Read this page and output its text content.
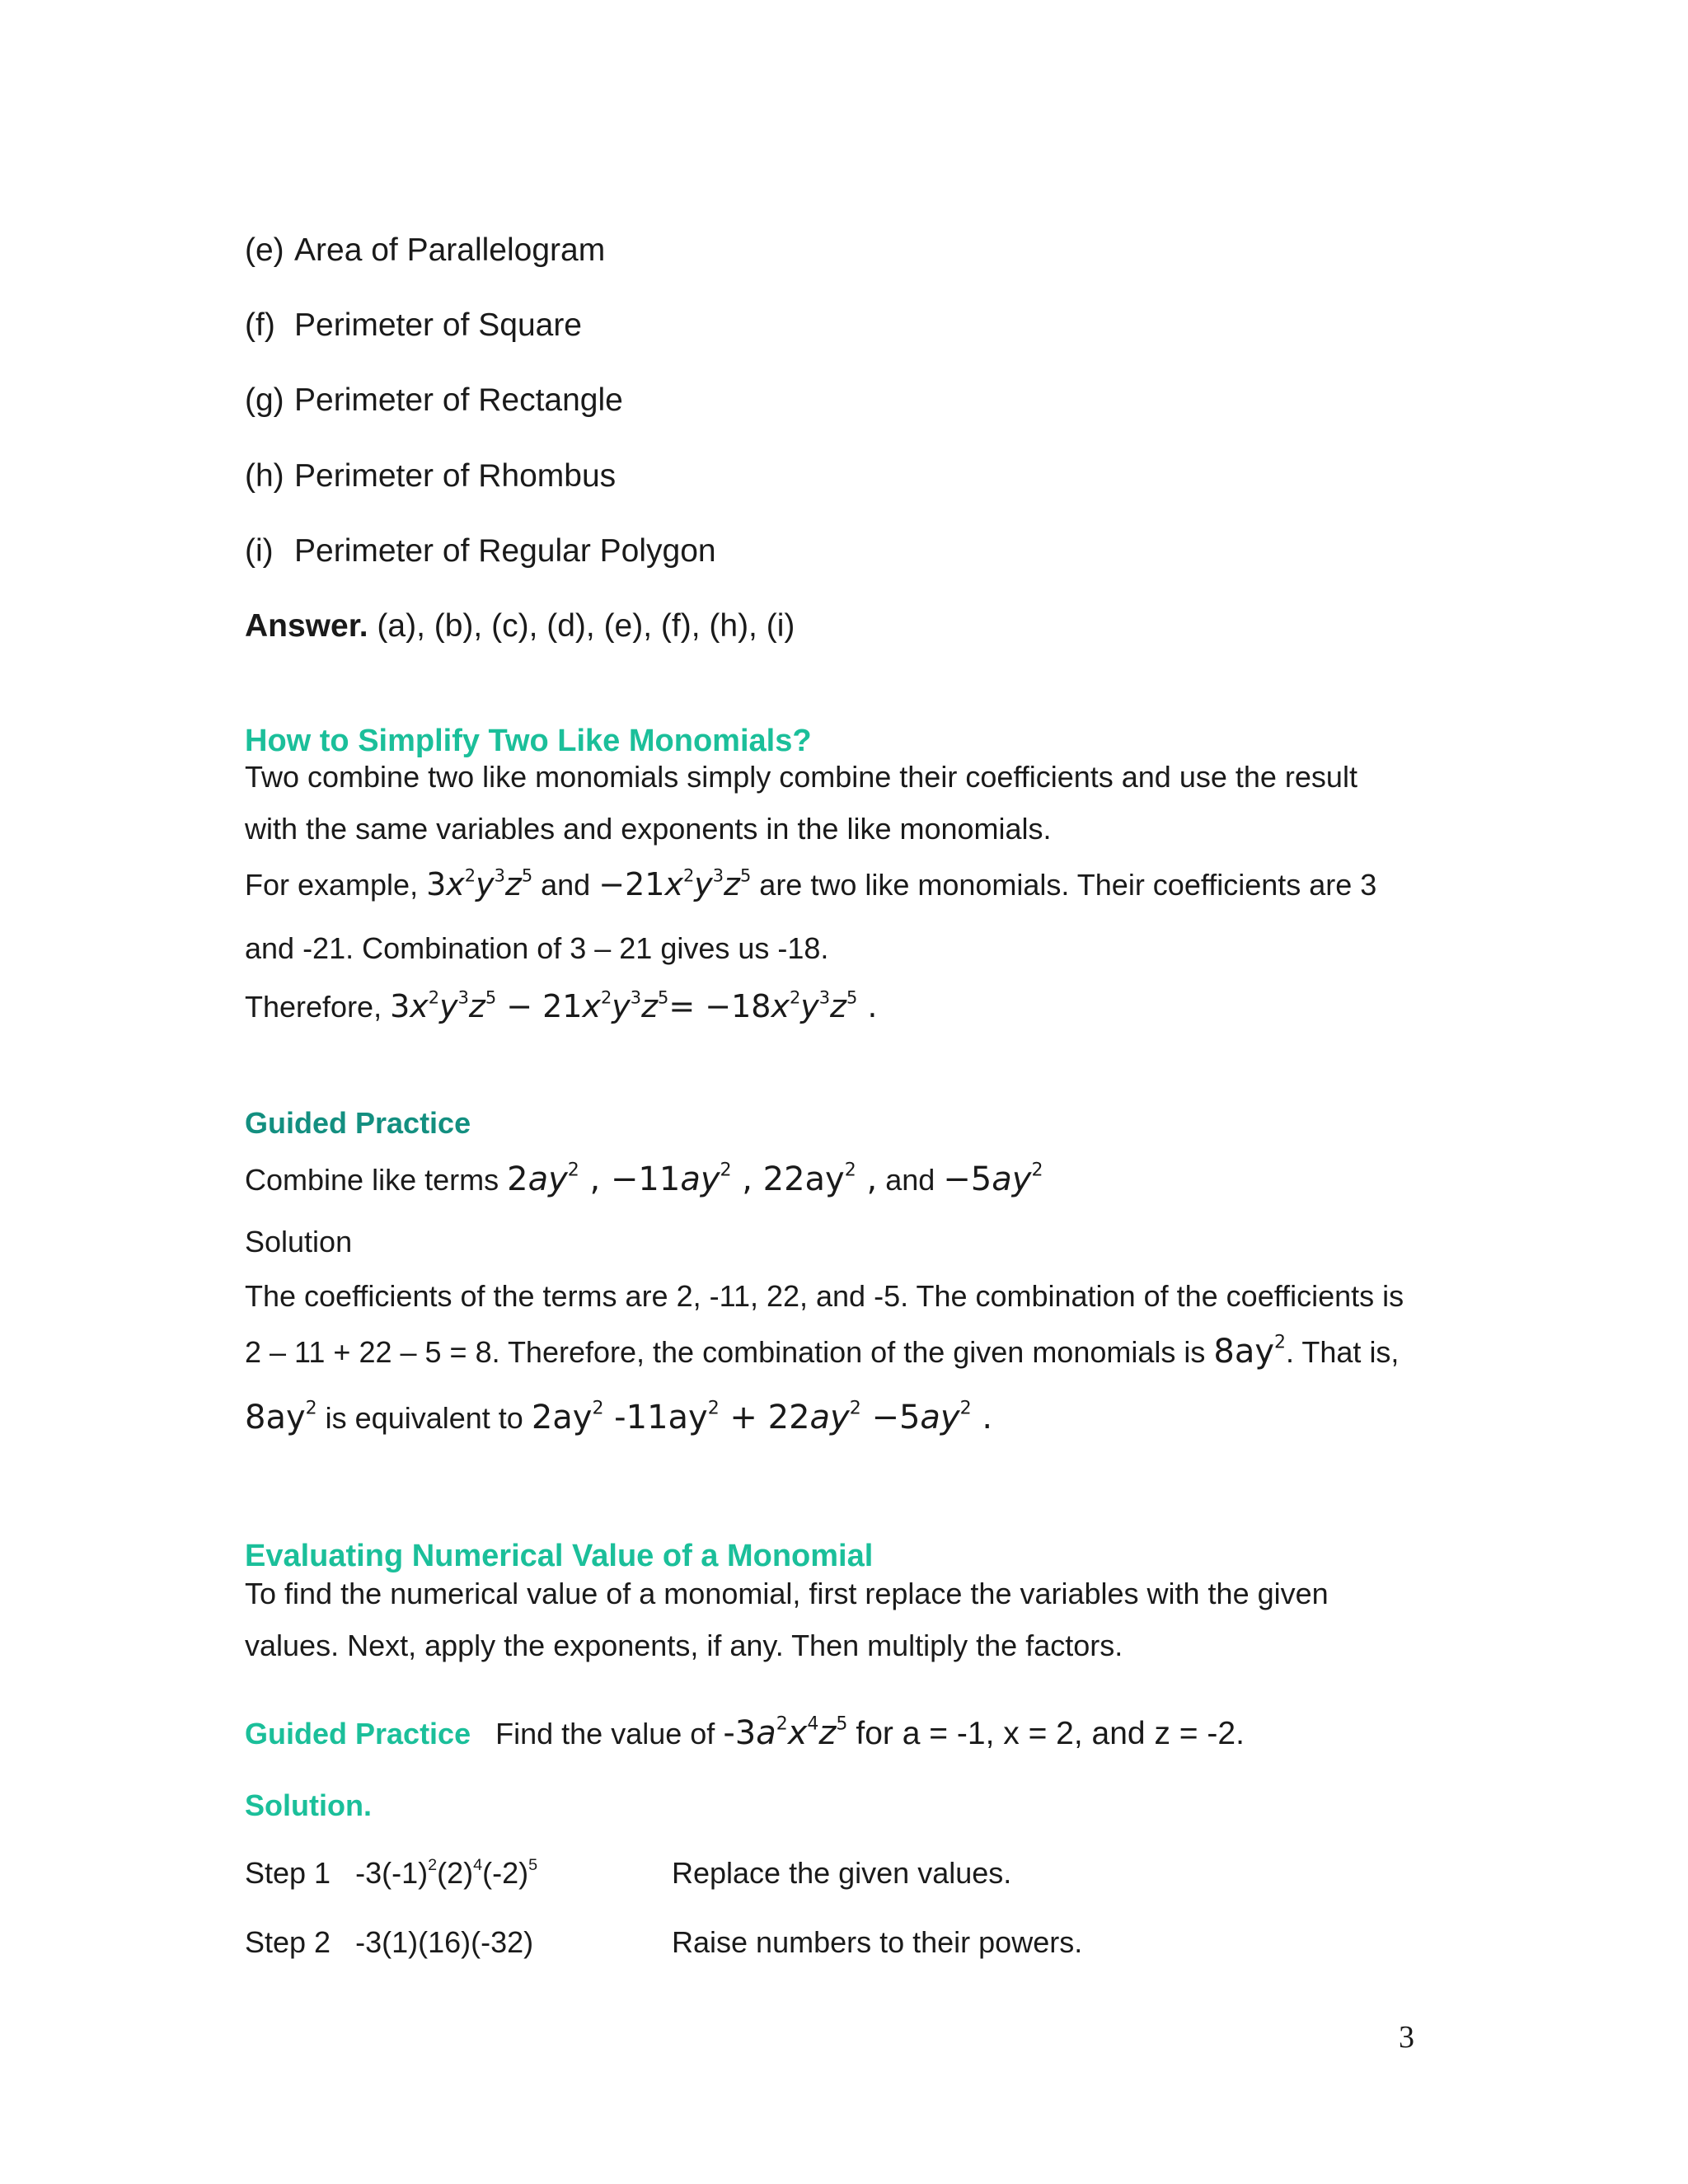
(e) Area of Parallelogram
(f) Perimeter of Square
(g) Perimeter of Rectangle
(h) Perimeter of Rhombus
(i) Perimeter of Regular Polygon
Answer. (a), (b), (c), (d), (e), (f), (h), (i)
How to Simplify Two Like Monomials?
Two combine two like monomials simply combine their coefficients and use the result
with the same variables and exponents in the like monomials.
For example, $3x^2y^3z^5$ and $-21x^2y^3z^5$ are two like monomials. Their coefficients are 3
and -21. Combination of 3 – 21 gives us -18.
Therefore, $3x^2y^3z^5 - 21x^2y^3z^5= -18x^2y^3z^5$ .
Guided Practice
Combine like terms $2ay^2$ , $-11ay^2$ , $22ay^2$ , and $-5ay^2$
Solution
The coefficients of the terms are 2, -11, 22, and -5. The combination of the coefficients is
2 – 11 + 22 – 5 = 8. Therefore, the combination of the given monomials is $8ay^2$. That is,
$8ay^2$ is equivalent to $2ay^2$ $-11ay^2 + 22ay^2 -5ay^2$ .
Evaluating Numerical Value of a Monomial
To find the numerical value of a monomial, first replace the variables with the given
values. Next, apply the exponents, if any. Then multiply the factors.
Guided Practice Find the value of $-3a^2x^4z^5$ for a = -1, x = 2, and z = -2.
Solution.
Step 1 $-3(-1)^2(2)^4(-2)^5$	Replace the given values.
Step 2 -3(1)(16)(-32)	Raise numbers to their powers.
3
